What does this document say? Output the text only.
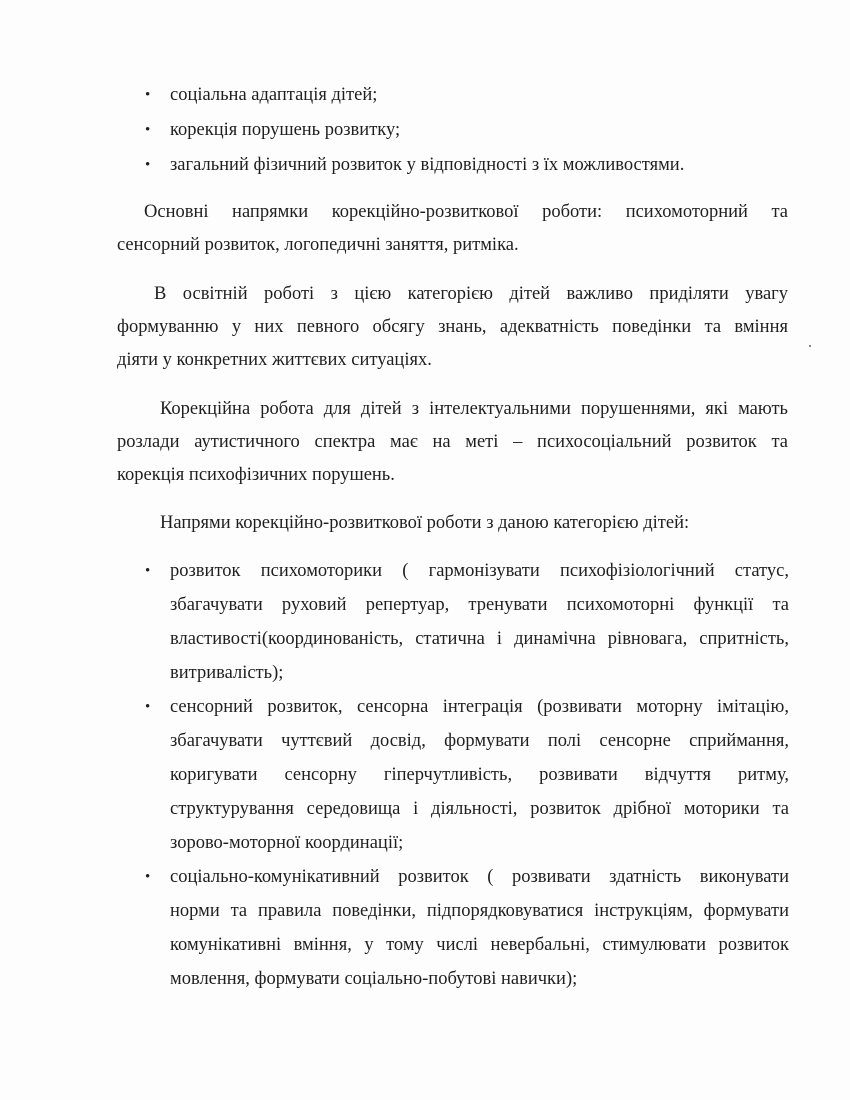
• соціальна адаптація дітей;
• корекція порушень розвитку;
• загальний фізичний розвиток у відповідності з їх можливостями.
Основні напрямки корекційно-розвиткової роботи: психомоторний та
сенсорний розвиток, логопедичні заняття, ритміка.
В освітній роботі з цією категорією дітей важливо приділяти увагу
формуванню у них певного обсягу знань, адекватність поведінки та вміння
діяти у конкретних життєвих ситуаціях.
Корекційна робота для дітей з інтелектуальними порушеннями, які мають
розлади аутистичного спектра має на меті – психосоціальний розвиток та
корекція психофізичних порушень.
Напрями корекційно-розвиткової роботи з даною категорією дітей:
• розвиток психомоторики ( гармонізувати психофізіологічний статус,
збагачувати руховий репертуар, тренувати психомоторні функції та
властивості(координованість, статична і динамічна рівновага, спритність,
витривалість);
• сенсорний розвиток, сенсорна інтеграція (розвивати моторну імітацію,
збагачувати чуттєвий досвід, формувати полі сенсорне сприймання,
коригувати сенсорну гіперчутливість, розвивати відчуття ритму,
структурування середовища і діяльності, розвиток дрібної моторики та
зорово-моторної координації;
• соціально-комунікативний розвиток ( розвивати здатність виконувати
норми та правила поведінки, підпорядковуватися інструкціям, формувати
комунікативні вміння, у тому числі невербальні, стимулювати розвиток
мовлення, формувати соціально-побутові навички);
